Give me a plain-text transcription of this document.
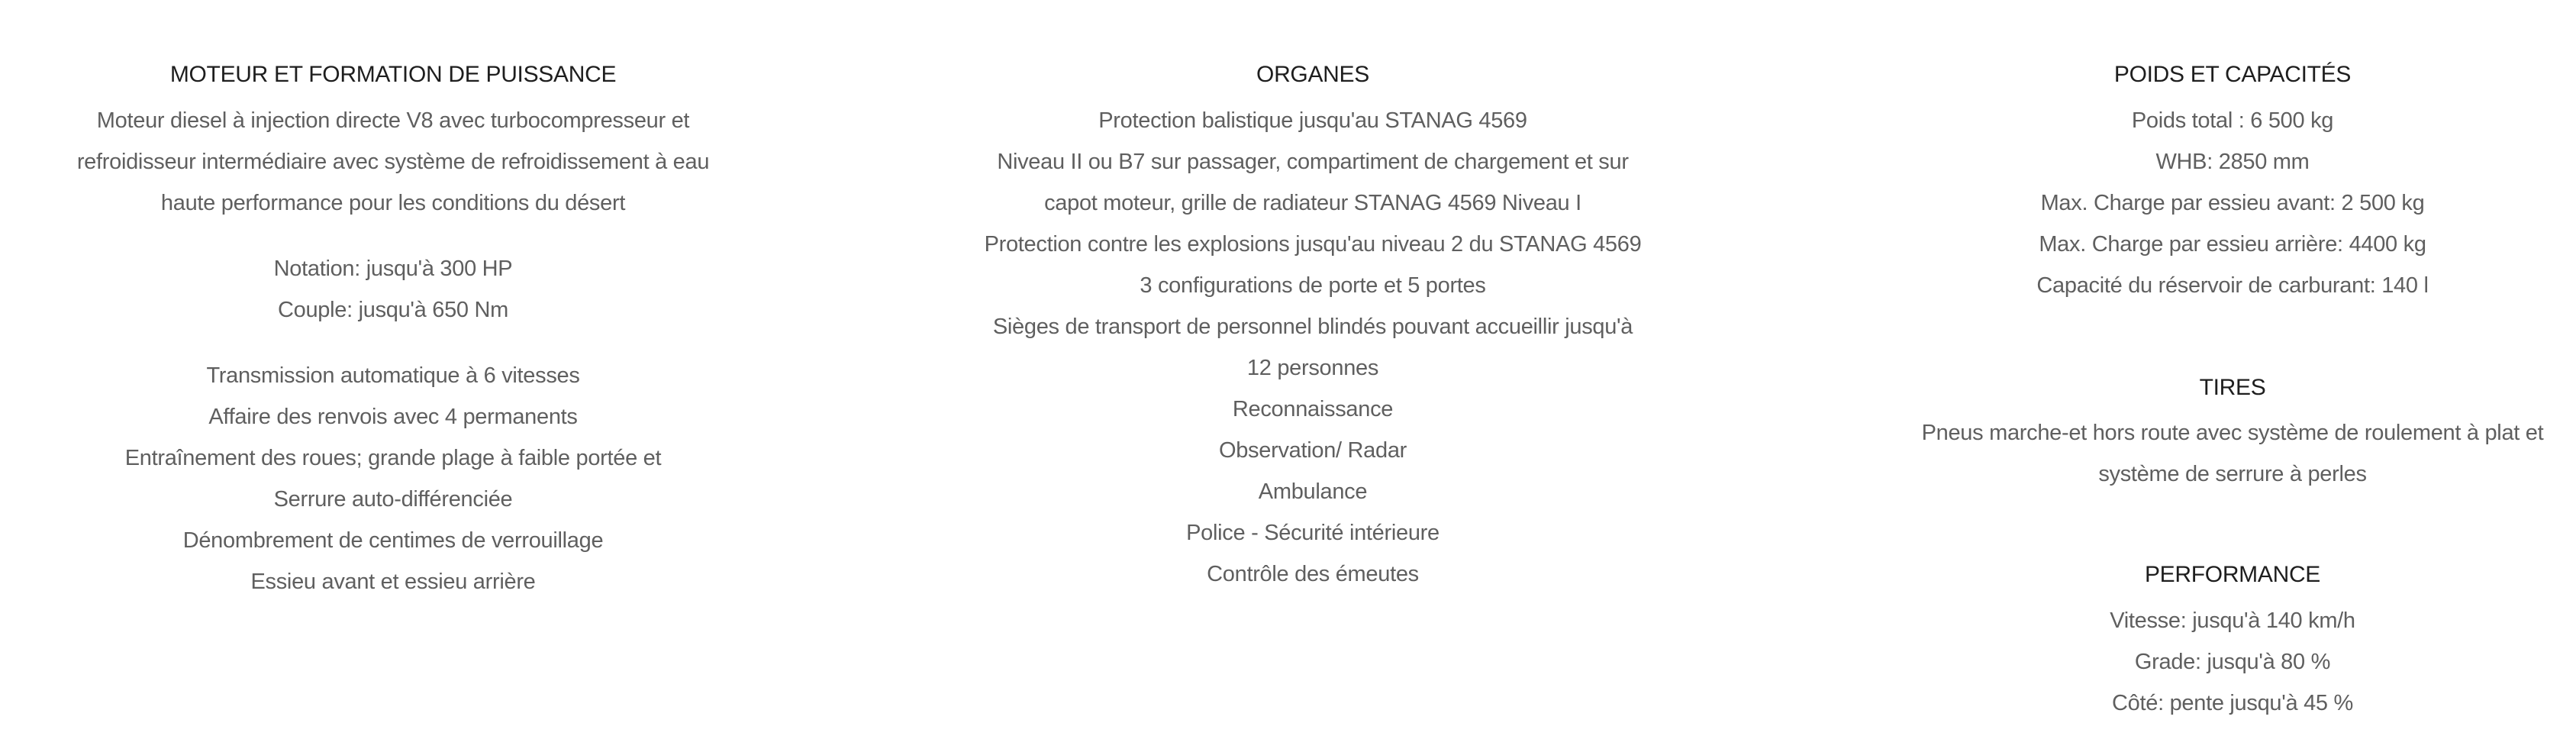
MOTEUR ET FORMATION DE PUISSANCE
Moteur diesel à injection directe V8 avec turbocompresseur et
refroidisseur intermédiaire avec système de refroidissement à eau
haute performance pour les conditions du désert
Notation: jusqu'à 300 HP
Couple: jusqu'à 650 Nm
Transmission automatique à 6 vitesses
Affaire des renvois avec 4 permanents
Entraînement des roues; grande plage à faible portée et
Serrure auto-différenciée
Dénombrement de centimes de verrouillage
Essieu avant et essieu arrière
ORGANES
Protection balistique jusqu'au STANAG 4569
Niveau II ou B7 sur passager, compartiment de chargement et sur
capot moteur, grille de radiateur STANAG 4569 Niveau I
Protection contre les explosions jusqu'au niveau 2 du STANAG 4569
3 configurations de porte et 5 portes
Sièges de transport de personnel blindés pouvant accueillir jusqu'à
12 personnes
Reconnaissance
Observation/ Radar
Ambulance
Police - Sécurité intérieure
Contrôle des émeutes
POIDS ET CAPACITÉS
Poids total : 6 500 kg
WHB: 2850 mm
Max. Charge par essieu avant: 2 500 kg
Max. Charge par essieu arrière: 4400 kg
Capacité du réservoir de carburant: 140 l
TIRES
Pneus marche-et hors route avec système de roulement à plat et
système de serrure à perles
PERFORMANCE
Vitesse: jusqu'à 140 km/h
Grade: jusqu'à 80 %
Côté: pente jusqu'à 45 %
